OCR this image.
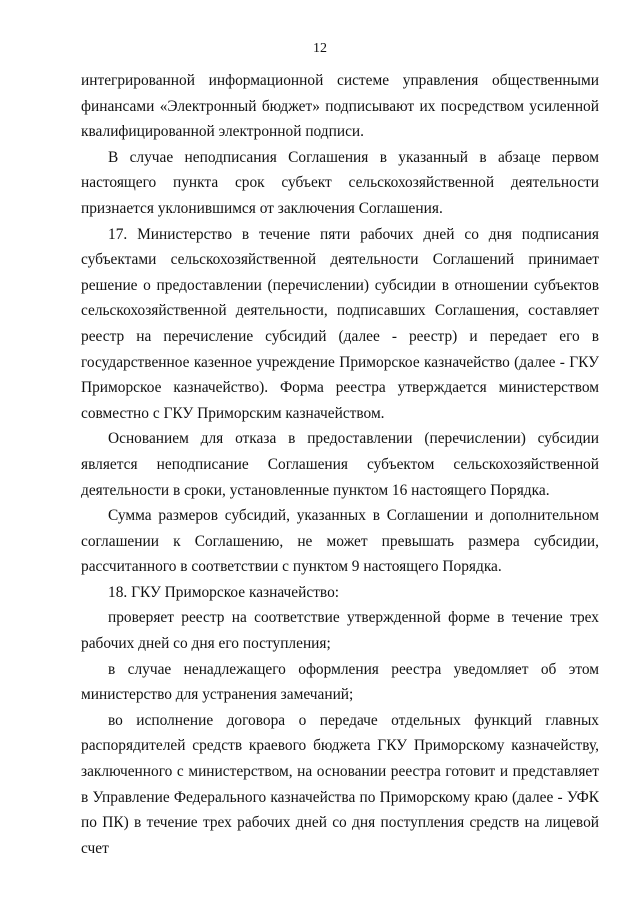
12

интегрированной информационной системе управления общественными финансами «Электронный бюджет» подписывают их посредством усиленной квалифицированной электронной подписи.

В случае неподписания Соглашения в указанный в абзаце первом настоящего пункта срок субъект сельскохозяйственной деятельности признается уклонившимся от заключения Соглашения.

17. Министерство в течение пяти рабочих дней со дня подписания субъектами сельскохозяйственной деятельности Соглашений принимает решение о предоставлении (перечислении) субсидии в отношении субъектов сельскохозяйственной деятельности, подписавших Соглашения, составляет реестр на перечисление субсидий (далее - реестр) и передает его в государственное казенное учреждение Приморское казначейство (далее - ГКУ Приморское казначейство). Форма реестра утверждается министерством совместно с ГКУ Приморским казначейством.

Основанием для отказа в предоставлении (перечислении) субсидии является неподписание Соглашения субъектом сельскохозяйственной деятельности в сроки, установленные пунктом 16 настоящего Порядка.

Сумма размеров субсидий, указанных в Соглашении и дополнительном соглашении к Соглашению, не может превышать размера субсидии, рассчитанного в соответствии с пунктом 9 настоящего Порядка.

18. ГКУ Приморское казначейство:

проверяет реестр на соответствие утвержденной форме в течение трех рабочих дней со дня его поступления;

в случае ненадлежащего оформления реестра уведомляет об этом министерство для устранения замечаний;

во исполнение договора о передаче отдельных функций главных распорядителей средств краевого бюджета ГКУ Приморскому казначейству, заключенного с министерством, на основании реестра готовит и представляет в Управление Федерального казначейства по Приморскому краю (далее - УФК по ПК) в течение трех рабочих дней со дня поступления средств на лицевой счет
